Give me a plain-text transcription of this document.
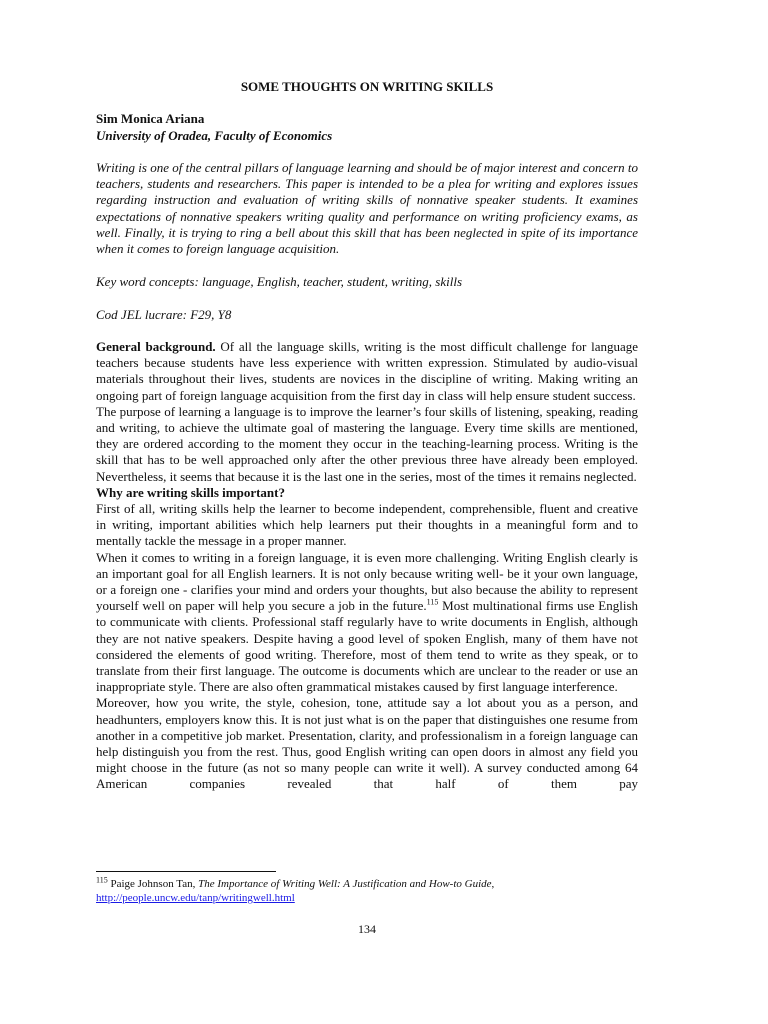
SOME THOUGHTS ON WRITING SKILLS

Sim Monica Ariana

University of Oradea, Faculty of Economics

Writing is one of the central pillars of language learning and should be of major interest and concern to teachers, students and researchers. This paper is intended to be a plea for writing and explores issues regarding instruction and evaluation of writing skills of nonnative speaker students. It examines expectations of nonnative speakers writing quality and performance on writing proficiency exams, as well. Finally, it is trying to ring a bell about this skill that has been neglected in spite of its importance when it comes to foreign language acquisition.

Key word concepts: language, English, teacher, student, writing, skills

Cod JEL lucrare: F29, Y8

General background. Of all the language skills, writing is the most difficult challenge for language teachers because students have less experience with written expression. Stimulated by audio-visual materials throughout their lives, students are novices in the discipline of writing. Making writing an ongoing part of foreign language acquisition from the first day in class will help ensure student success.

The purpose of learning a language is to improve the learner’s four skills of listening, speaking, reading and writing, to achieve the ultimate goal of mastering the language. Every time skills are mentioned, they are ordered according to the moment they occur in the teaching-learning process. Writing is the skill that has to be well approached only after the other previous three have already been employed. Nevertheless, it seems that because it is the last one in the series, most of the times it remains neglected.

Why are writing skills important?

First of all, writing skills help the learner to become independent, comprehensible, fluent and creative in writing, important abilities which help learners put their thoughts in a meaningful form and to mentally tackle the message in a proper manner.

When it comes to writing in a foreign language, it is even more challenging. Writing English clearly is an important goal for all English learners. It is not only because writing well- be it your own language, or a foreign one - clarifies your mind and orders your thoughts, but also because the ability to represent yourself well on paper will help you secure a job in the future.$^{115}$ Most multinational firms use English to communicate with clients. Professional staff regularly have to write documents in English, although they are not native speakers. Despite having a good level of spoken English, many of them have not considered the elements of good writing. Therefore, most of them tend to write as they speak, or to translate from their first language. The outcome is documents which are unclear to the reader or use an inappropriate style. There are also often grammatical mistakes caused by first language interference.

Moreover, how you write, the style, cohesion, tone, attitude say a lot about you as a person, and headhunters, employers know this. It is not just what is on the paper that distinguishes one resume from another in a competitive job market. Presentation, clarity, and professionalism in a foreign language can help distinguish you from the rest. Thus, good English writing can open doors in almost any field you might choose in the future (as not so many people can write it well). A survey conducted among 64 American companies revealed that half of them pay

$^{115}$ Paige Johnson Tan, The Importance of Writing Well: A Justification and How-to Guide,
http://people.uncw.edu/tanp/writingwell.html

134
